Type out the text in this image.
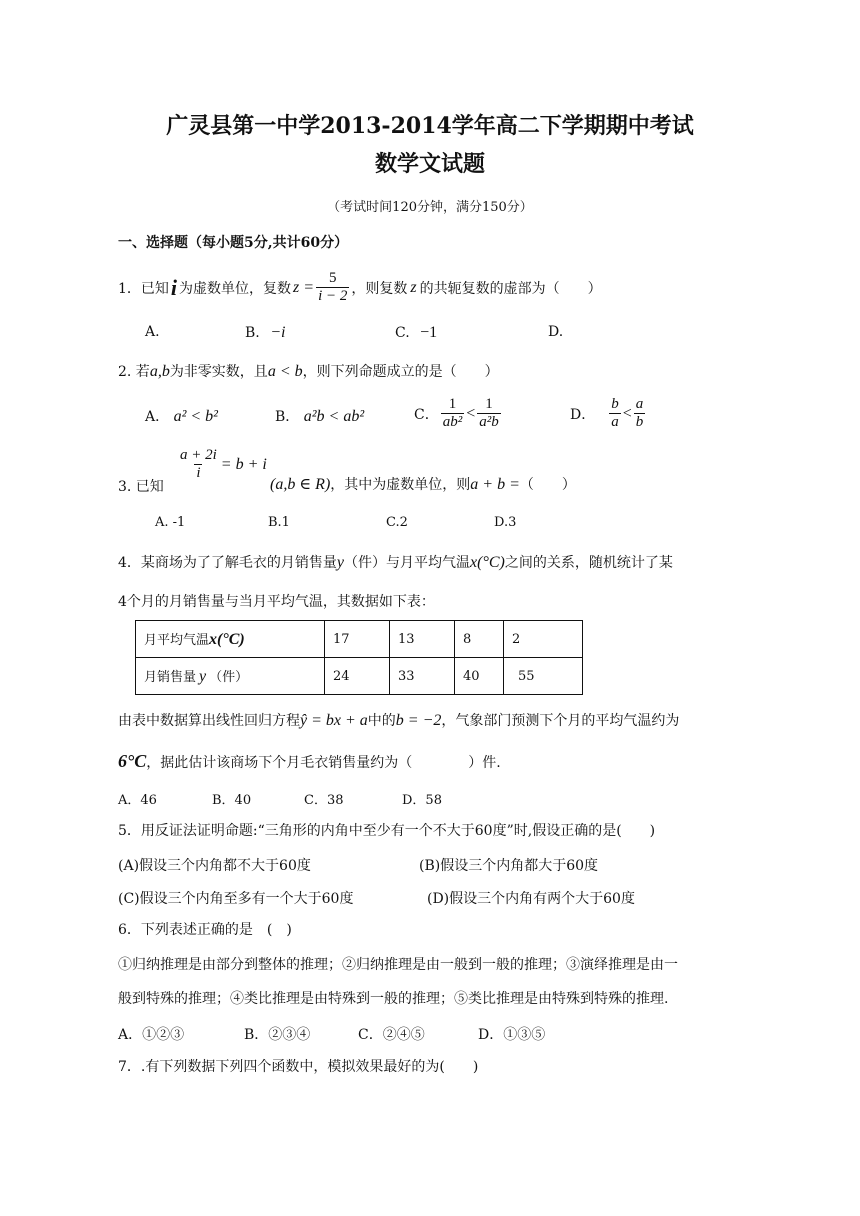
广灵县第一中学2013-2014学年高二下学期期中考试
数学文试题
（考试时间120分钟，满分150分）
一、选择题（每小题5分,共计60分）
1．已知 i 为虚数单位，复数 $z = \frac{5}{i - 2}$ ，则复数 z 的共轭复数的虚部为（　　）
A.	B. −i	C. −1	D.
2. 若a,b为非零实数，且a < b，则下列命题成立的是（　　）
A． a² < b²	B． a²b < ab²	C． $\frac{1}{\text{ab²}} < \frac{1}{\text{a²b}}$	D． $\frac{b}{a} < \frac{a}{b}$
$\frac{a + 2i}{i} = b + i$
3. 已知	(a,b ∈ R)，其中为虚数单位，则a + b =（　　）
A. -1	B.1	C.2	D.3
4．某商场为了了解毛衣的月销售量y（件）与月平均气温x(°C)之间的关系，随机统计了某
4个月的月销售量与当月平均气温，其数据如下表：
月平均气温x(°C)	17	13	8	2
月销售量 y （件）	24	33	40	55
由表中数据算出线性回归方程ŷ = bx + a中的b = −2，气象部门预测下个月的平均气温约为
6°C，据此估计该商场下个月毛衣销售量约为（　　　　）件.
A．46	B．40	C．38	D．58
5．用反证法证明命题:“三角形的内角中至少有一个不大于60度”时,假设正确的是(　　)
(A)假设三个内角都不大于60度	(B)假设三个内角都大于60度
(C)假设三个内角至多有一个大于60度	(D)假设三个内角有两个大于60度
6．下列表述正确的是　(　)
①归纳推理是由部分到整体的推理；②归纳推理是由一般到一般的推理；③演绎推理是由一
般到特殊的推理；④类比推理是由特殊到一般的推理；⑤类比推理是由特殊到特殊的推理.
A．①②③	B．②③④	C．②④⑤	D．①③⑤
7．.有下列数据下列四个函数中，模拟效果最好的为(　　)
